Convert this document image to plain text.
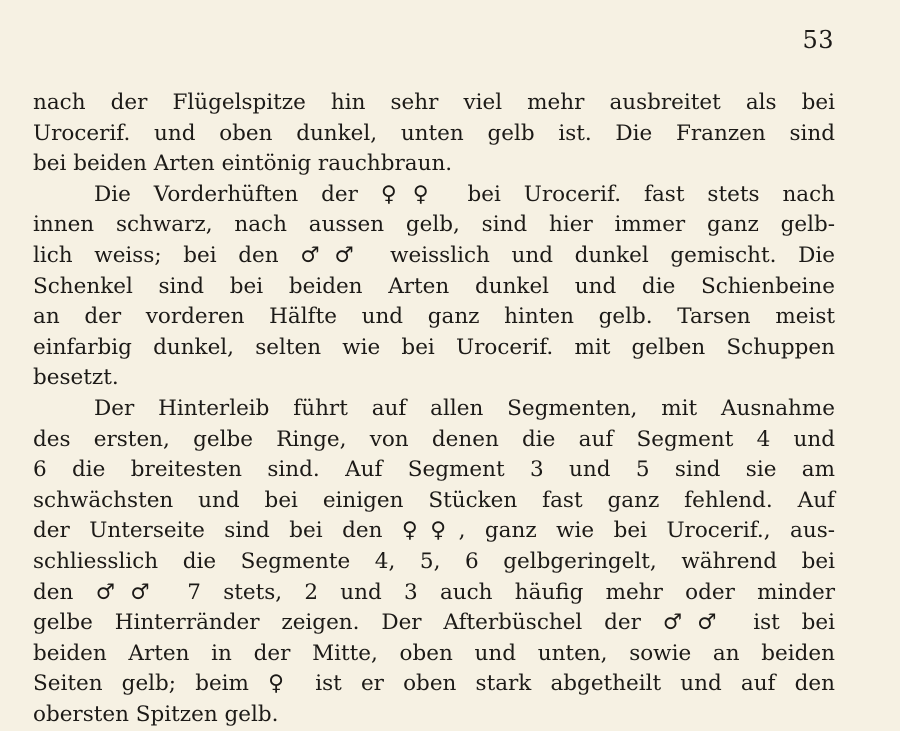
53
nach der Flügelspitze hin sehr viel mehr ausbreitet als bei
Urocerif. und oben dunkel, unten gelb ist. Die Franzen sind
bei beiden Arten eintönig rauchbraun.
Die Vorderhüften der ♀♀ bei Urocerif. fast stets nach
innen schwarz, nach aussen gelb, sind hier immer ganz gelb-
lich weiss; bei den ♂♂ weisslich und dunkel gemischt. Die
Schenkel sind bei beiden Arten dunkel und die Schienbeine
an der vorderen Hälfte und ganz hinten gelb. Tarsen meist
einfarbig dunkel, selten wie bei Urocerif. mit gelben Schuppen
besetzt.
Der Hinterleib führt auf allen Segmenten, mit Ausnahme
des ersten, gelbe Ringe, von denen die auf Segment 4 und
6 die breitesten sind. Auf Segment 3 und 5 sind sie am
schwächsten und bei einigen Stücken fast ganz fehlend. Auf
der Unterseite sind bei den ♀♀, ganz wie bei Urocerif., aus-
schliesslich die Segmente 4, 5, 6 gelbgeringelt, während bei
den ♂♂ 7 stets, 2 und 3 auch häufig mehr oder minder
gelbe Hinterränder zeigen. Der Afterbüschel der ♂♂ ist bei
beiden Arten in der Mitte, oben und unten, sowie an beiden
Seiten gelb; beim ♀ ist er oben stark abgetheilt und auf den
obersten Spitzen gelb.
